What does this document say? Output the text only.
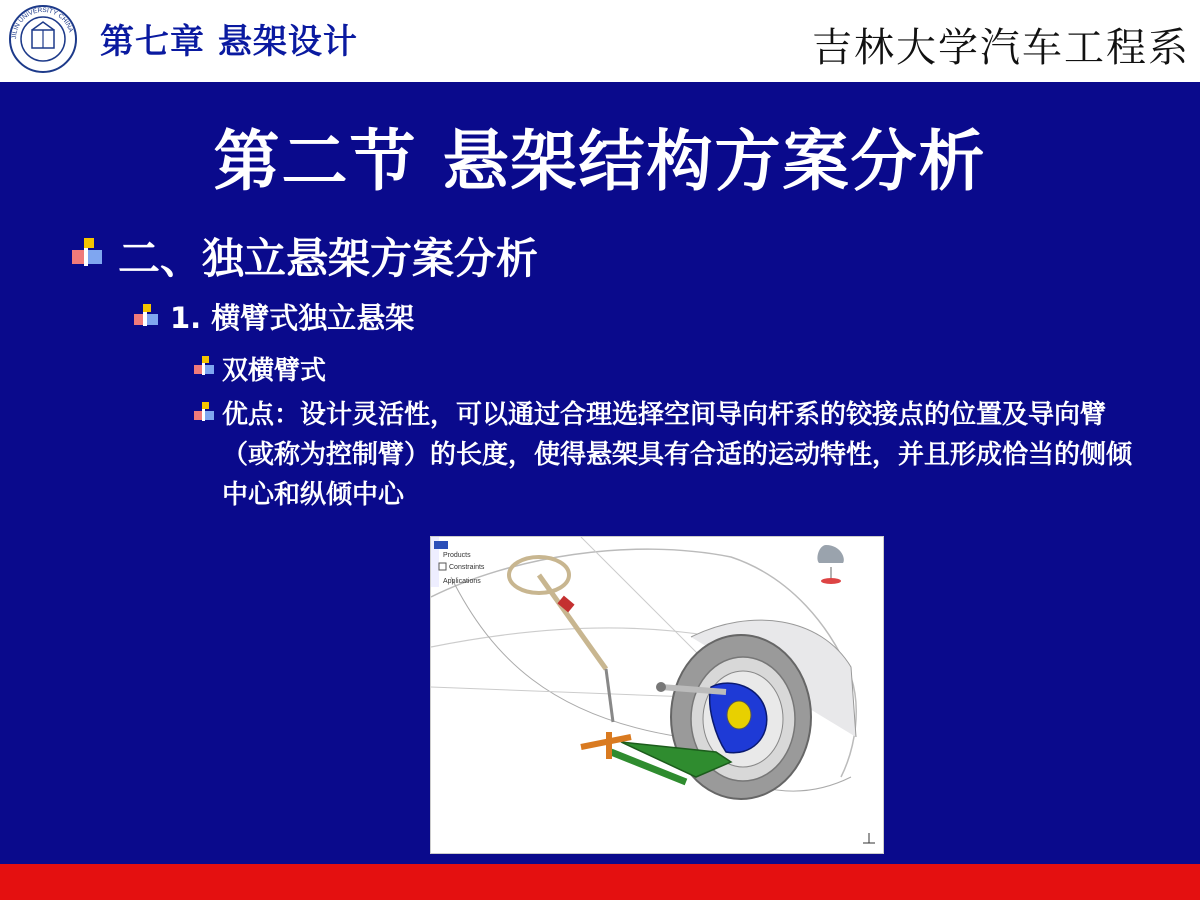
JILIN UNIVERSITY CHINA 第七章 悬架设计	吉林大学汽车工程系
第二节 悬架结构方案分析
二、独立悬架方案分析
1. 横臂式独立悬架
双横臂式
优点：设计灵活性，可以通过合理选择空间导向杆系的铰接点的位置及导向臂（或称为控制臂）的长度，使得悬架具有合适的运动特性，并且形成恰当的侧倾中心和纵倾中心
Products
Constraints
Applications
